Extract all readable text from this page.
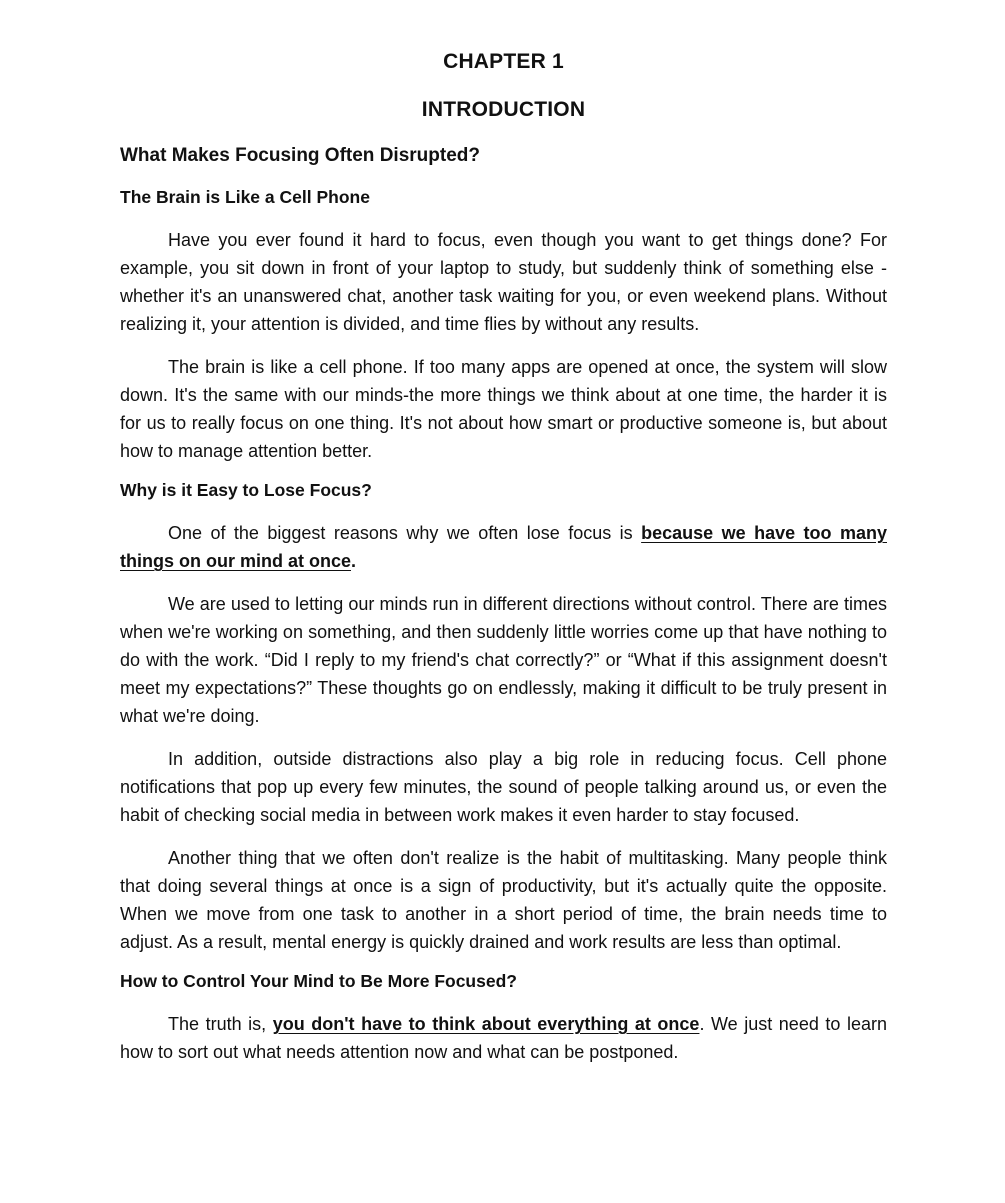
CHAPTER 1
INTRODUCTION
What Makes Focusing Often Disrupted?
The Brain is Like a Cell Phone

Have you ever found it hard to focus, even though you want to get things done? For example, you sit down in front of your laptop to study, but suddenly think of something else - whether it's an unanswered chat, another task waiting for you, or even weekend plans. Without realizing it, your attention is divided, and time flies by without any results.

The brain is like a cell phone. If too many apps are opened at once, the system will slow down. It's the same with our minds-the more things we think about at one time, the harder it is for us to really focus on one thing. It's not about how smart or productive someone is, but about how to manage attention better.

Why is it Easy to Lose Focus?

One of the biggest reasons why we often lose focus is because we have too many things on our mind at once.

We are used to letting our minds run in different directions without control. There are times when we're working on something, and then suddenly little worries come up that have nothing to do with the work. “Did I reply to my friend's chat correctly?” or “What if this assignment doesn't meet my expectations?” These thoughts go on endlessly, making it difficult to be truly present in what we're doing.

In addition, outside distractions also play a big role in reducing focus. Cell phone notifications that pop up every few minutes, the sound of people talking around us, or even the habit of checking social media in between work makes it even harder to stay focused.

Another thing that we often don't realize is the habit of multitasking. Many people think that doing several things at once is a sign of productivity, but it's actually quite the opposite. When we move from one task to another in a short period of time, the brain needs time to adjust. As a result, mental energy is quickly drained and work results are less than optimal.

How to Control Your Mind to Be More Focused?

The truth is, you don't have to think about everything at once. We just need to learn how to sort out what needs attention now and what can be postponed.
